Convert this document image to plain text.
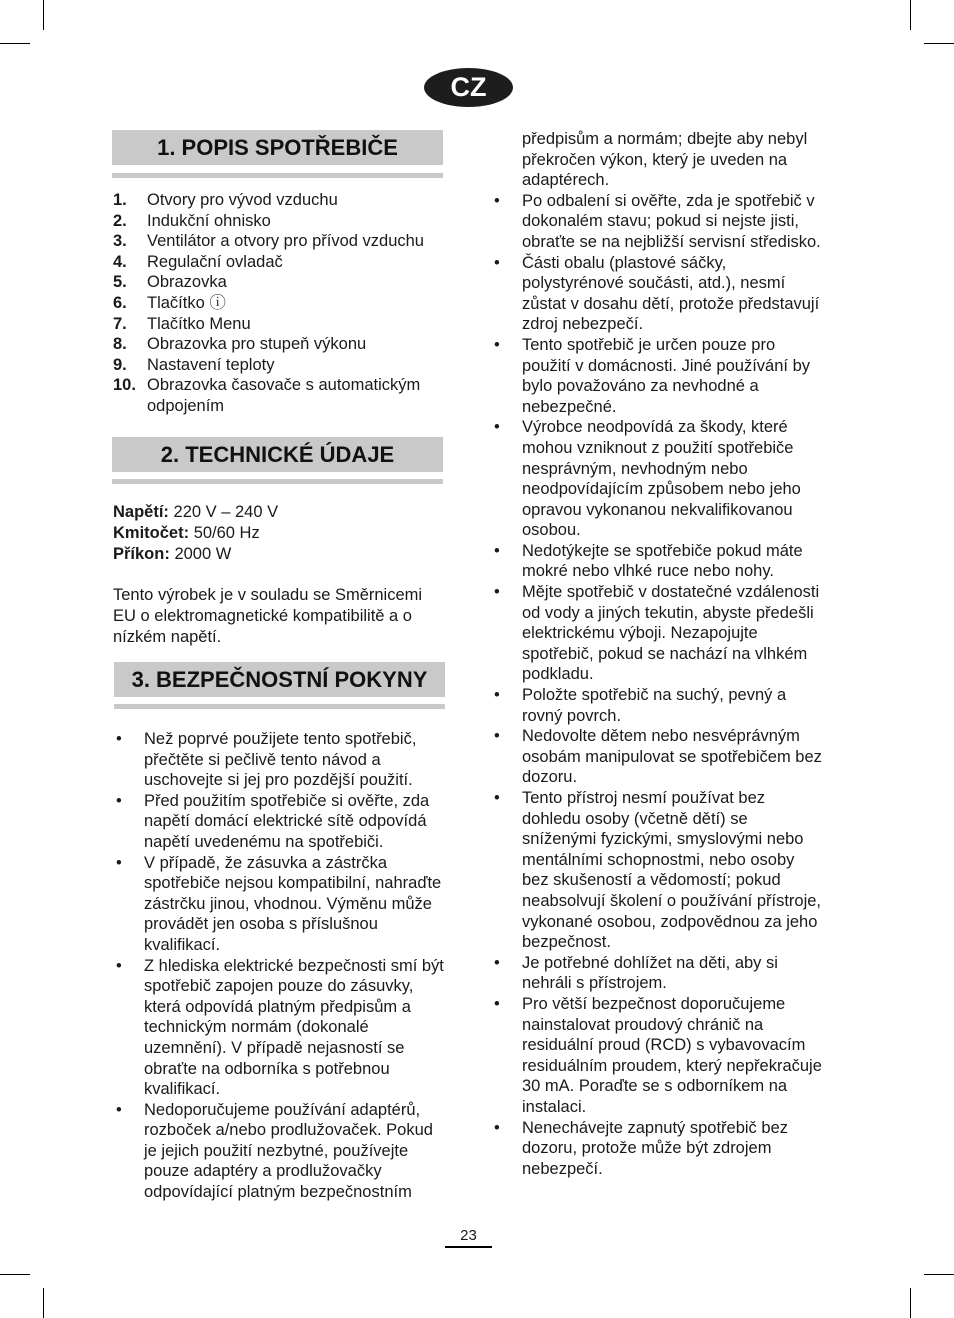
CZ
1. POPIS SPOTŘEBIČE
1.	Otvory pro vývod vzduchu
2.	Indukční ohnisko
3.	Ventilátor a otvory pro přívod vzduchu
4.	Regulační ovladač
5.	Obrazovka
6.	Tlačítko ⓘ
7.	Tlačítko Menu
8.	Obrazovka pro stupeň výkonu
9.	Nastavení teploty
10. Obrazovka časovače s automatickým odpojením
2. TECHNICKÉ ÚDAJE
Napětí: 220 V – 240 V
Kmitočet: 50/60 Hz
Příkon: 2000 W
Tento výrobek je v souladu se Směrnicemi EU o elektromagnetické kompatibilitě a o nízkém napětí.
3. BEZPEČNOSTNÍ POKYNY
•	Než poprvé použijete tento spotřebič, přečtěte si pečlivě tento návod a uschovejte si jej pro pozdější použití.
•	Před použitím spotřebiče si ověřte, zda napětí domácí elektrické sítě odpovídá napětí uvedenému na spotřebiči.
•	V případě, že zásuvka a zástrčka spotřebiče nejsou kompatibilní, nahraďte zástrčku jinou, vhodnou. Výměnu může provádět jen osoba s příslušnou kvalifikací.
•	Z hlediska elektrické bezpečnosti smí být spotřebič zapojen pouze do zásuvky, která odpovídá platným předpisům a technickým normám (dokonalé uzemnění). V případě nejasností se obraťte na odborníka s potřebnou kvalifikací.
•	Nedoporučujeme používání adaptérů, rozboček a/nebo prodlužovaček. Pokud je jejich použití nezbytné, používejte pouze adaptéry a prodlužovačky odpovídající platným bezpečnostním
předpisům a normám; dbejte aby nebyl překročen výkon, který je uveden na adaptérech.
•	Po odbalení si ověřte, zda je spotřebič v dokonalém stavu; pokud si nejste jisti, obraťte se na nejbližší servisní středisko.
•	Části obalu (plastové sáčky, polystyrénové součásti, atd.), nesmí zůstat v dosahu dětí, protože představují zdroj nebezpečí.
•	Tento spotřebič je určen pouze pro použití v domácnosti. Jiné používání by bylo považováno za nevhodné a nebezpečné.
•	Výrobce neodpovídá za škody, které mohou vzniknout z použití spotřebiče nesprávným, nevhodným nebo neodpovídajícím způsobem nebo jeho opravou vykonanou nekvalifikovanou osobou.
•	Nedotýkejte se spotřebiče pokud máte mokré nebo vlhké ruce nebo nohy.
•	Mějte spotřebič v dostatečné vzdálenosti od vody a jiných tekutin, abyste předešli elektrickému výboji. Nezapojujte spotřebič, pokud se nachází na vlhkém podkladu.
•	Položte spotřebič na suchý, pevný a rovný povrch.
•	Nedovolte dětem nebo nesvéprávným osobám manipulovat se spotřebičem bez dozoru.
•	Tento přístroj nesmí používat bez dohledu osoby (včetně dětí) se sníženými fyzickými, smyslovými nebo mentálními schopnostmi, nebo osoby bez skušeností a vědomostí; pokud neabsolvují školení o používání přístroje, vykonané osobou, zodpovědnou za jeho bezpečnost.
•	Je potřebné dohlížet na děti, aby si nehráli s přístrojem.
•	Pro větší bezpečnost doporučujeme nainstalovat proudový chránič na residuální proud (RCD) s vybavovacím residuálním proudem, který nepřekračuje 30 mA. Poraďte se s odborníkem na instalaci.
•	Nenechávejte zapnutý spotřebič bez dozoru, protože může být zdrojem nebezpečí.
23
